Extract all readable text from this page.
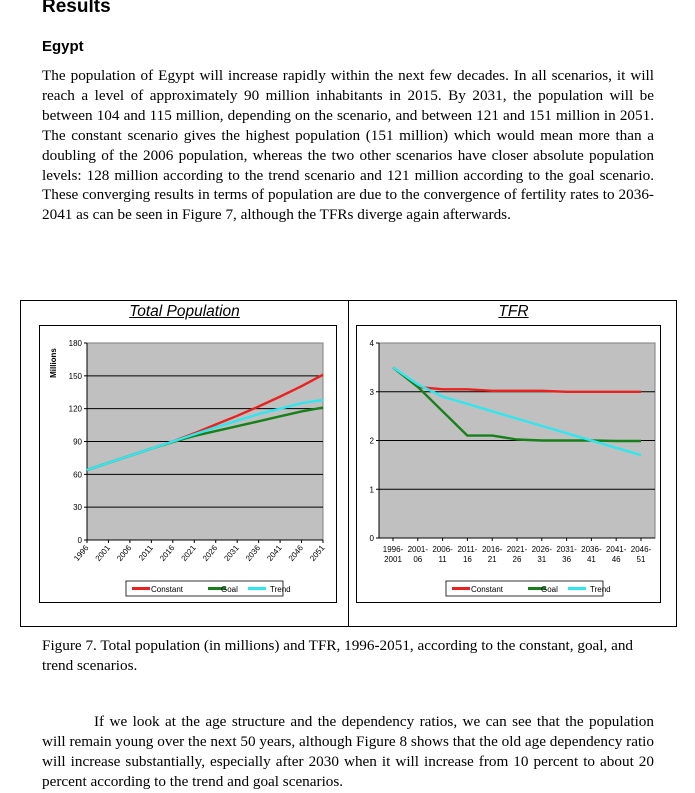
Results
Egypt

The population of Egypt will increase rapidly within the next few decades. In all scenarios, it will reach a level of approximately 90 million inhabitants in 2015. By 2031, the population will be between 104 and 115 million, depending on the scenario, and between 121 and 151 million in 2051. The constant scenario gives the highest population (151 million) which would mean more than a doubling of the 2006 population, whereas the two other scenarios have closer absolute population levels: 128 million according to the trend scenario and 121 million according to the goal scenario. These converging results in terms of population are due to the convergence of fertility rates to 2036-2041 as can be seen in Figure 7, although the TFRs diverge again afterwards.

Total Population	TFR
0
30
60
90
120
150
180
Millions
1996 2001 2006 2011 2016 2021 2026 2031 2036 2041 2046 2051
Constant	Goal	Trend
0
1
2
3
4
1996-2001
2001-06
2006-11
2011-16
2016-21
2021-26
2026-31
2031-36
2036-41
2041-46
2046-51
Constant	Goal	Trend

Figure 7. Total population (in millions) and TFR, 1996-2051, according to the constant, goal, and trend scenarios.

If we look at the age structure and the dependency ratios, we can see that the population will remain young over the next 50 years, although Figure 8 shows that the old age dependency ratio will increase substantially, especially after 2030 when it will increase from 10 percent to about 20 percent according to the trend and goal scenarios.
